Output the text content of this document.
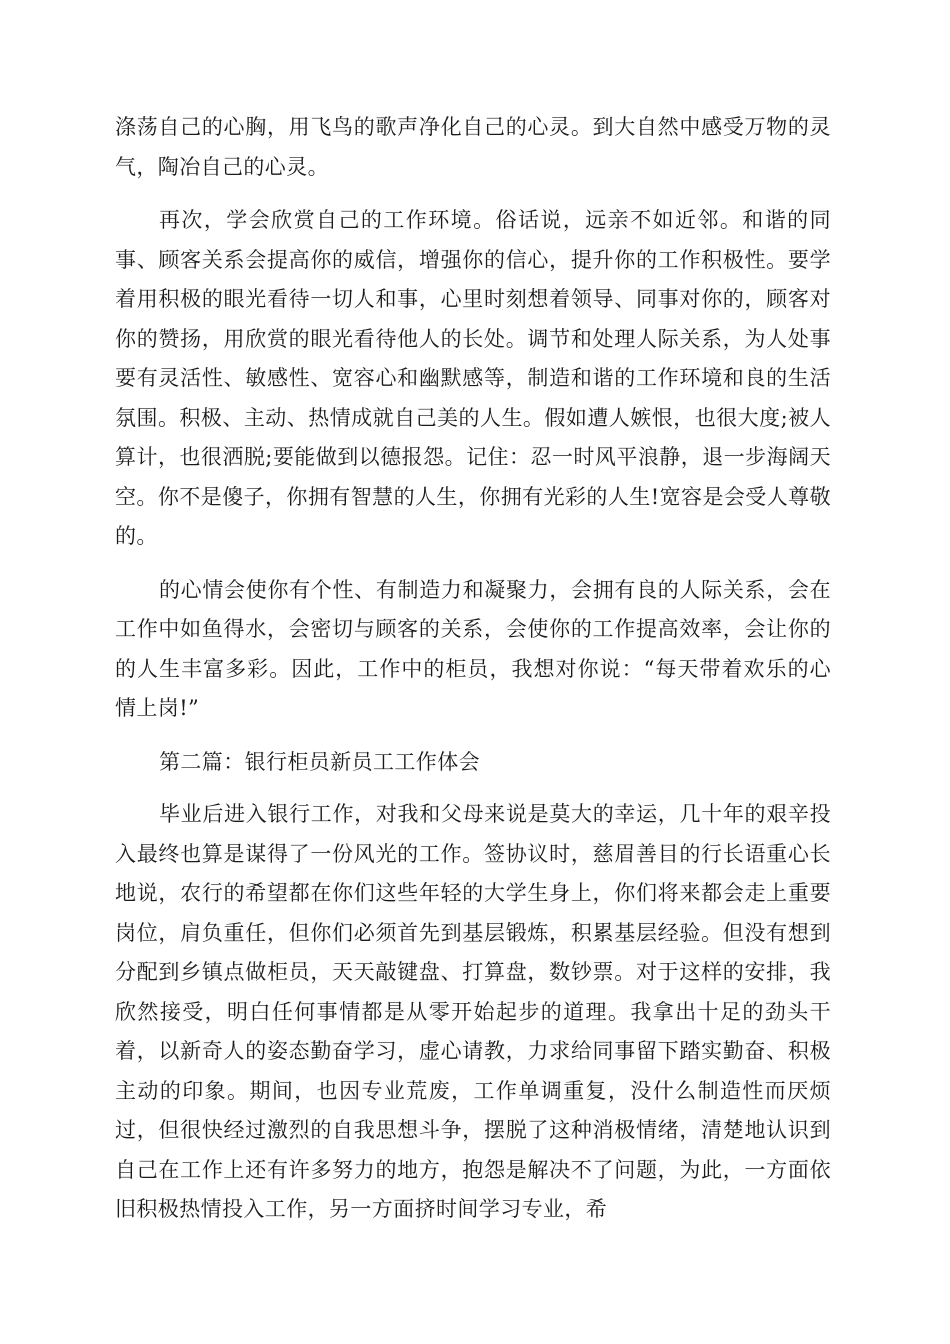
涤荡自己的心胸，用飞鸟的歌声净化自己的心灵。到大自然中感受万物的灵气，陶冶自己的心灵。

再次，学会欣赏自己的工作环境。俗话说，远亲不如近邻。和谐的同事、顾客关系会提高你的威信，增强你的信心，提升你的工作积极性。要学着用积极的眼光看待一切人和事，心里时刻想着领导、同事对你的，顾客对你的赞扬，用欣赏的眼光看待他人的长处。调节和处理人际关系，为人处事要有灵活性、敏感性、宽容心和幽默感等，制造和谐的工作环境和良的生活氛围。积极、主动、热情成就自己美的人生。假如遭人嫉恨，也很大度;被人算计，也很洒脱;要能做到以德报怨。记住：忍一时风平浪静，退一步海阔天空。你不是傻子，你拥有智慧的人生，你拥有光彩的人生!宽容是会受人尊敬的。

的心情会使你有个性、有制造力和凝聚力，会拥有良的人际关系，会在工作中如鱼得水，会密切与顾客的关系，会使你的工作提高效率，会让你的的人生丰富多彩。因此，工作中的柜员，我想对你说：“每天带着欢乐的心情上岗!”

第二篇：银行柜员新员工工作体会

毕业后进入银行工作，对我和父母来说是莫大的幸运，几十年的艰辛投入最终也算是谋得了一份风光的工作。签协议时，慈眉善目的行长语重心长地说，农行的希望都在你们这些年轻的大学生身上，你们将来都会走上重要岗位，肩负重任，但你们必须首先到基层锻炼，积累基层经验。但没有想到分配到乡镇点做柜员，天天敲键盘、打算盘，数钞票。对于这样的安排，我欣然接受，明白任何事情都是从零开始起步的道理。我拿出十足的劲头干着，以新奇人的姿态勤奋学习，虚心请教，力求给同事留下踏实勤奋、积极主动的印象。期间，也因专业荒废，工作单调重复，没什么制造性而厌烦过，但很快经过激烈的自我思想斗争，摆脱了这种消极情绪，清楚地认识到自己在工作上还有许多努力的地方，抱怨是解决不了问题，为此，一方面依旧积极热情投入工作，另一方面挤时间学习专业，希
